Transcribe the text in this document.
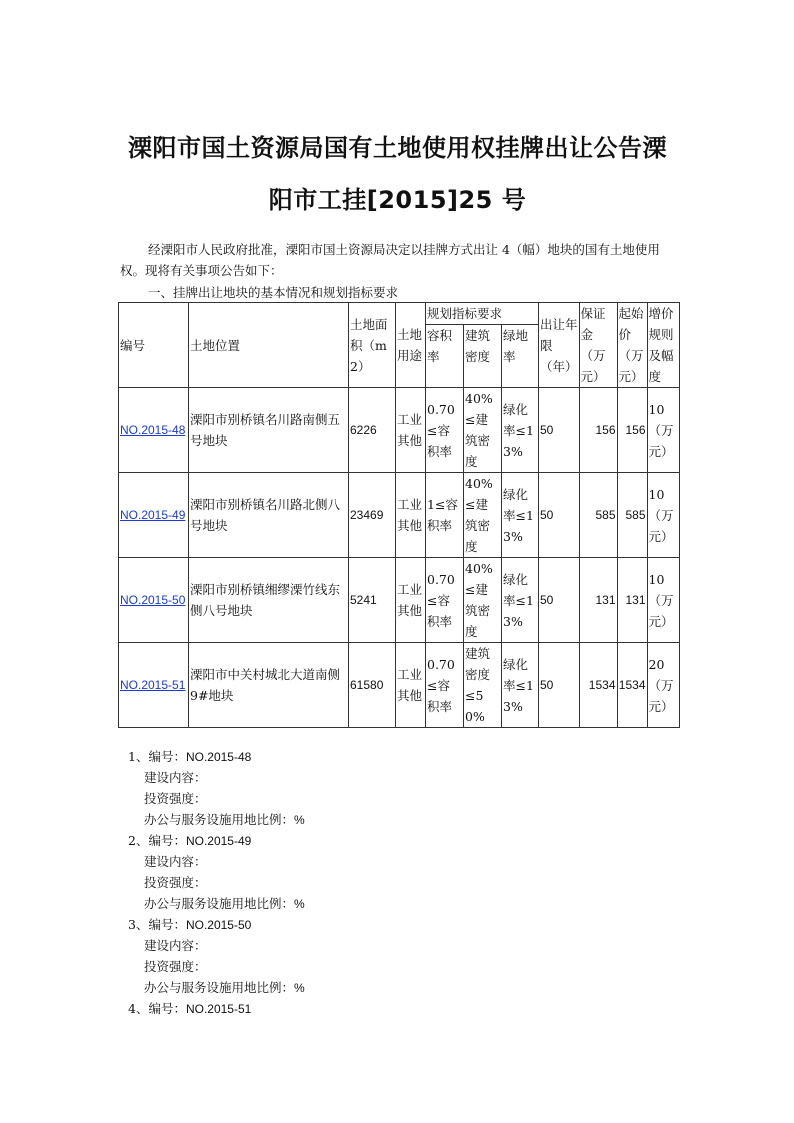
溧阳市国土资源局国有土地使用权挂牌出让公告溧
阳市工挂[2015]25 号
经溧阳市人民政府批准，溧阳市国土资源局决定以挂牌方式出让 4（幅）地块的国有土地使用权。现将有关事项公告如下：
一、挂牌出让地块的基本情况和规划指标要求
编号	土地位置	土地面积（m2）	土地用途	规划指标要求			出让年限（年）	保证金（万元）	起始价（万元）	增价规则及幅度
				容积率	建筑密度	绿地率				
NO.2015-48	溧阳市别桥镇名川路南侧五号地块	6226	工业其他	0.70≤容积率	40%≤建筑密度	绿化率≤13%	50	156	156	10（万元）
NO.2015-49	溧阳市别桥镇名川路北侧八号地块	23469	工业其他	1≤容积率	40%≤建筑密度	绿化率≤13%	50	585	585	10（万元）
NO.2015-50	溧阳市别桥镇缃缪溧竹线东侧八号地块	5241	工业其他	0.70≤容积率	40%≤建筑密度	绿化率≤13%	50	131	131	10（万元）
NO.2015-51	溧阳市中关村城北大道南侧 9#地块	61580	工业其他	0.70≤容积率	建筑密度≤50%	绿化率≤13%	50	1534	1534	20（万元）
1、编号：NO.2015-48
建设内容：
投资强度：
办公与服务设施用地比例：%
2、编号：NO.2015-49
建设内容：
投资强度：
办公与服务设施用地比例：%
3、编号：NO.2015-50
建设内容：
投资强度：
办公与服务设施用地比例：%
4、编号：NO.2015-51
